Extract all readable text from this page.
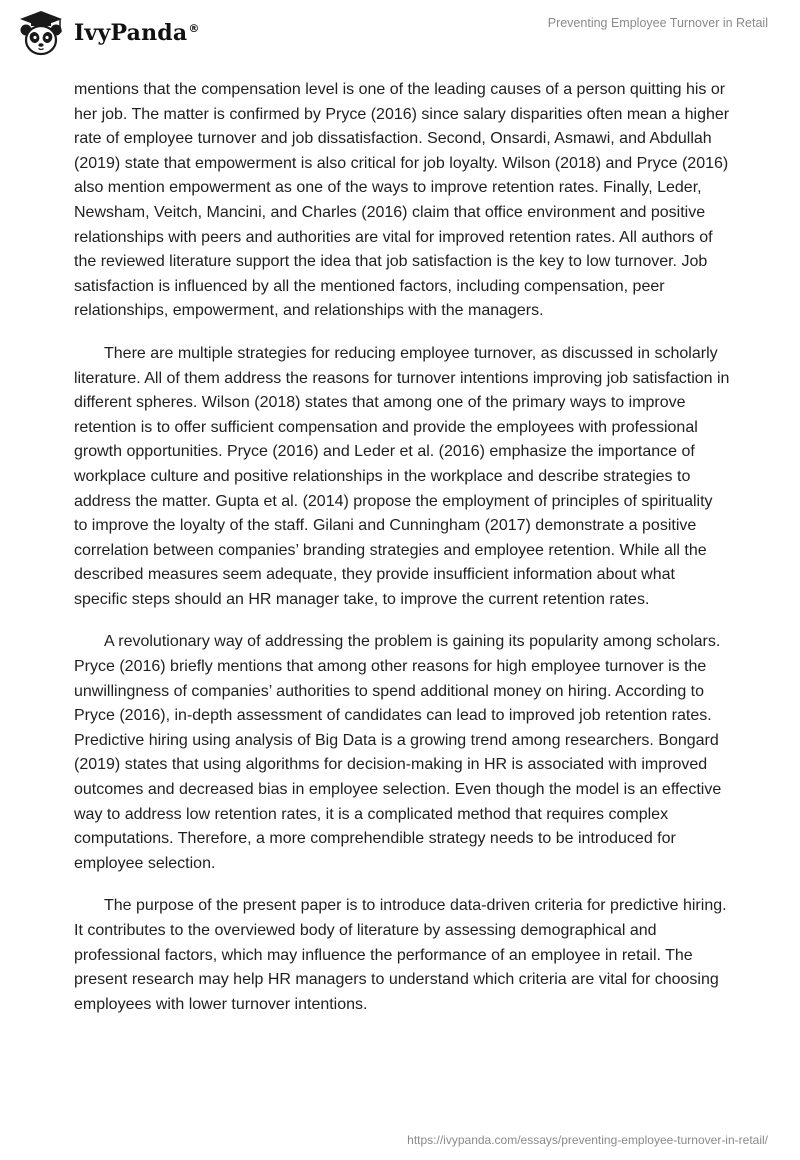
IvyPanda®	Preventing Employee Turnover in Retail

mentions that the compensation level is one of the leading causes of a person quitting his or her job. The matter is confirmed by Pryce (2016) since salary disparities often mean a higher rate of employee turnover and job dissatisfaction. Second, Onsardi, Asmawi, and Abdullah (2019) state that empowerment is also critical for job loyalty. Wilson (2018) and Pryce (2016) also mention empowerment as one of the ways to improve retention rates. Finally, Leder, Newsham, Veitch, Mancini, and Charles (2016) claim that office environment and positive relationships with peers and authorities are vital for improved retention rates. All authors of the reviewed literature support the idea that job satisfaction is the key to low turnover. Job satisfaction is influenced by all the mentioned factors, including compensation, peer relationships, empowerment, and relationships with the managers.

There are multiple strategies for reducing employee turnover, as discussed in scholarly literature. All of them address the reasons for turnover intentions improving job satisfaction in different spheres. Wilson (2018) states that among one of the primary ways to improve retention is to offer sufficient compensation and provide the employees with professional growth opportunities. Pryce (2016) and Leder et al. (2016) emphasize the importance of workplace culture and positive relationships in the workplace and describe strategies to address the matter. Gupta et al. (2014) propose the employment of principles of spirituality to improve the loyalty of the staff. Gilani and Cunningham (2017) demonstrate a positive correlation between companies’ branding strategies and employee retention. While all the described measures seem adequate, they provide insufficient information about what specific steps should an HR manager take, to improve the current retention rates.

A revolutionary way of addressing the problem is gaining its popularity among scholars. Pryce (2016) briefly mentions that among other reasons for high employee turnover is the unwillingness of companies’ authorities to spend additional money on hiring. According to Pryce (2016), in-depth assessment of candidates can lead to improved job retention rates. Predictive hiring using analysis of Big Data is a growing trend among researchers. Bongard (2019) states that using algorithms for decision-making in HR is associated with improved outcomes and decreased bias in employee selection. Even though the model is an effective way to address low retention rates, it is a complicated method that requires complex computations. Therefore, a more comprehendible strategy needs to be introduced for employee selection.

The purpose of the present paper is to introduce data-driven criteria for predictive hiring. It contributes to the overviewed body of literature by assessing demographical and professional factors, which may influence the performance of an employee in retail. The present research may help HR managers to understand which criteria are vital for choosing employees with lower turnover intentions.

https://ivypanda.com/essays/preventing-employee-turnover-in-retail/
